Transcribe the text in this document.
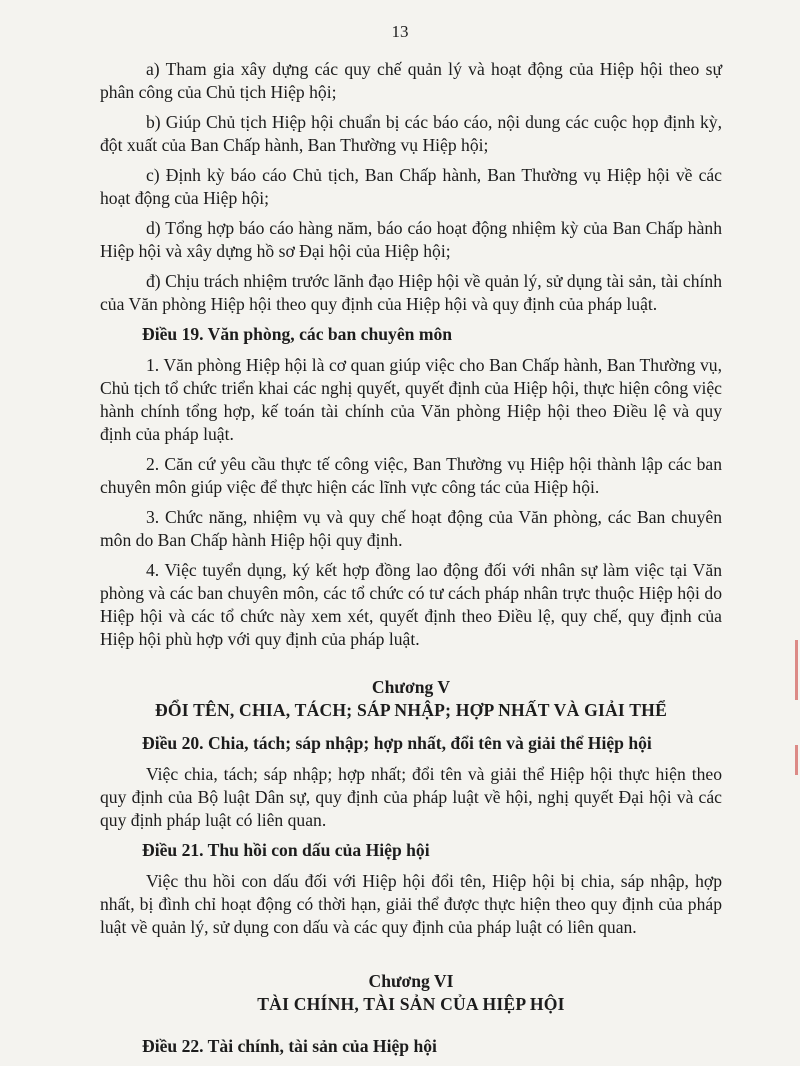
13

a) Tham gia xây dựng các quy chế quản lý và hoạt động của Hiệp hội theo sự phân công của Chủ tịch Hiệp hội;

b) Giúp Chủ tịch Hiệp hội chuẩn bị các báo cáo, nội dung các cuộc họp định kỳ, đột xuất của Ban Chấp hành, Ban Thường vụ Hiệp hội;

c) Định kỳ báo cáo Chủ tịch, Ban Chấp hành, Ban Thường vụ Hiệp hội về các hoạt động của Hiệp hội;

d) Tổng hợp báo cáo hàng năm, báo cáo hoạt động nhiệm kỳ của Ban Chấp hành Hiệp hội và xây dựng hồ sơ Đại hội của Hiệp hội;

đ) Chịu trách nhiệm trước lãnh đạo Hiệp hội về quản lý, sử dụng tài sản, tài chính của Văn phòng Hiệp hội theo quy định của Hiệp hội và quy định của pháp luật.

Điều 19. Văn phòng, các ban chuyên môn

1. Văn phòng Hiệp hội là cơ quan giúp việc cho Ban Chấp hành, Ban Thường vụ, Chủ tịch tổ chức triển khai các nghị quyết, quyết định của Hiệp hội, thực hiện công việc hành chính tổng hợp, kế toán tài chính của Văn phòng Hiệp hội theo Điều lệ và quy định của pháp luật.

2. Căn cứ yêu cầu thực tế công việc, Ban Thường vụ Hiệp hội thành lập các ban chuyên môn giúp việc để thực hiện các lĩnh vực công tác của Hiệp hội.

3. Chức năng, nhiệm vụ và quy chế hoạt động của Văn phòng, các Ban chuyên môn do Ban Chấp hành Hiệp hội quy định.

4. Việc tuyển dụng, ký kết hợp đồng lao động đối với nhân sự làm việc tại Văn phòng và các ban chuyên môn, các tổ chức có tư cách pháp nhân trực thuộc Hiệp hội do Hiệp hội và các tổ chức này xem xét, quyết định theo Điều lệ, quy chế, quy định của Hiệp hội phù hợp với quy định của pháp luật.

Chương V

ĐỔI TÊN, CHIA, TÁCH; SÁP NHẬP; HỢP NHẤT VÀ GIẢI THỂ

Điều 20. Chia, tách; sáp nhập; hợp nhất, đổi tên và giải thể Hiệp hội

Việc chia, tách; sáp nhập; hợp nhất; đổi tên và giải thể Hiệp hội thực hiện theo quy định của Bộ luật Dân sự, quy định của pháp luật về hội, nghị quyết Đại hội và các quy định pháp luật có liên quan.

Điều 21. Thu hồi con dấu của Hiệp hội

Việc thu hồi con dấu đối với Hiệp hội đổi tên, Hiệp hội bị chia, sáp nhập, hợp nhất, bị đình chỉ hoạt động có thời hạn, giải thể được thực hiện theo quy định của pháp luật về quản lý, sử dụng con dấu và các quy định của pháp luật có liên quan.

Chương VI

TÀI CHÍNH, TÀI SẢN CỦA HIỆP HỘI

Điều 22. Tài chính, tài sản của Hiệp hội
